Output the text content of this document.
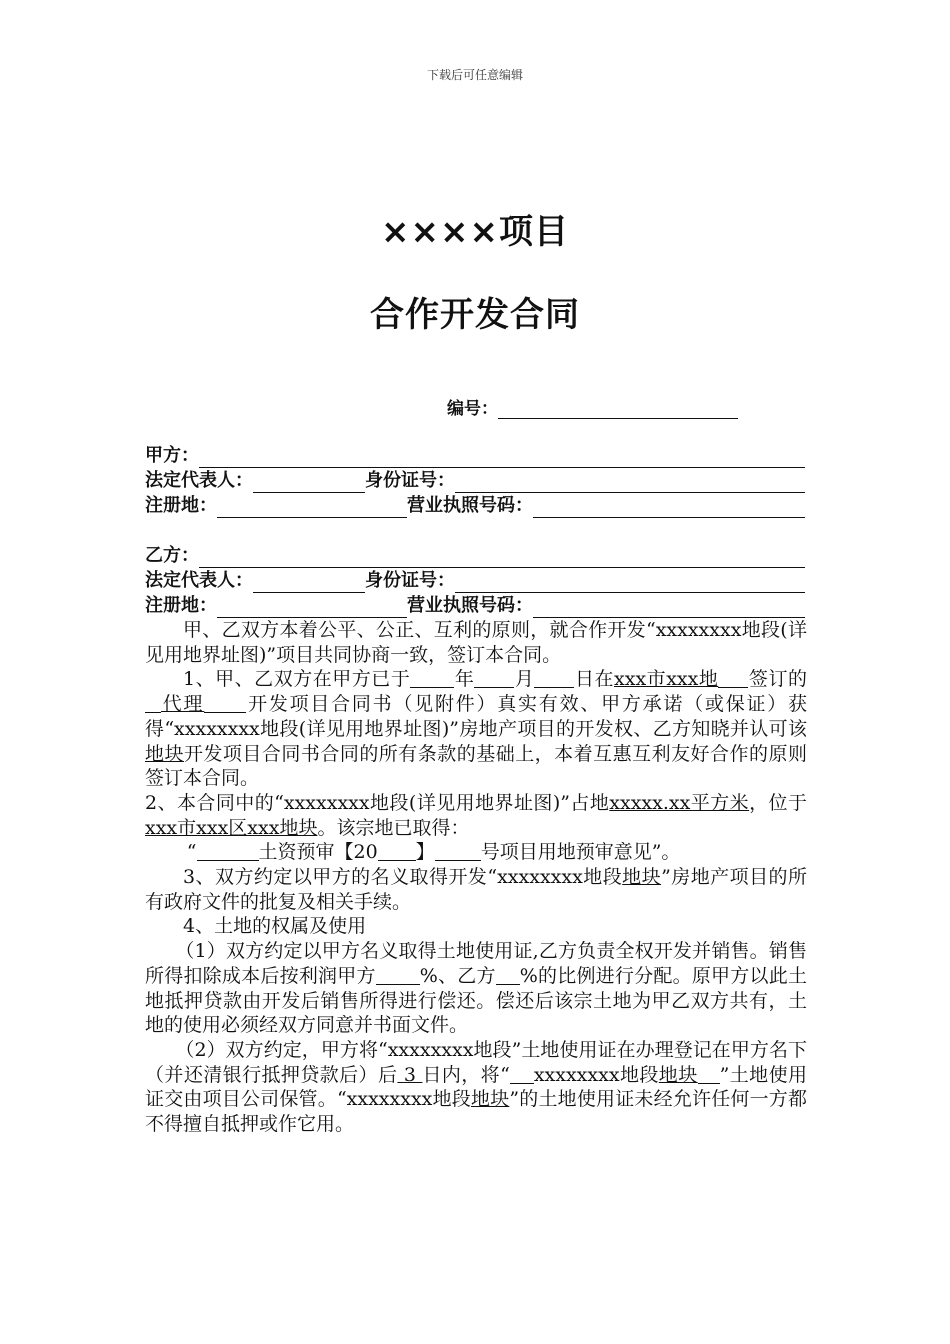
下载后可任意编辑
××××项目
合作开发合同
编号：
甲方：
法定代表人：	身份证号：
注册地：	营业执照号码：
乙方：
法定代表人：	身份证号：
注册地：	营业执照号码：

甲、乙双方本着公平、公正、互利的原则，就合作开发“xxxxxxxx地段(详见用地界址图)”项目共同协商一致，签订本合同。

1、甲、乙双方在甲方已于 年 月 日在xxx市xxx地 签订的代理 开发项目合同书（见附件）真实有效、甲方承诺（或保证）获得“xxxxxxxx地段(详见用地界址图)”房地产项目的开发权、乙方知晓并认可该地块开发项目合同书合同的所有条款的基础上，本着互惠互利友好合作的原则签订本合同。

2、本合同中的“xxxxxxxx地段(详见用地界址图)”占地xxxxx.xx平方米，位于xxx市xxx区xxx地块。该宗地已取得：

“	土资预审【20 】 号项目用地预审意见”。

3、双方约定以甲方的名义取得开发“xxxxxxxx地段地块”房地产项目的所有政府文件的批复及相关手续。

4、土地的权属及使用

（1）双方约定以甲方名义取得土地使用证,乙方负责全权开发并销售。销售所得扣除成本后按利润甲方 %、乙方 %的比例进行分配。原甲方以此土地抵押贷款由开发后销售所得进行偿还。偿还后该宗土地为甲乙双方共有，土地的使用必须经双方同意并书面文件。

（2）双方约定，甲方将“xxxxxxxx地段”土地使用证在办理登记在甲方名下（并还清银行抵押贷款后）后 3 日内，将“ xxxxxxxx地段地块 ”土地使用证交由项目公司保管。“xxxxxxxx地段地块”的土地使用证未经允许任何一方都不得擅自抵押或作它用。
